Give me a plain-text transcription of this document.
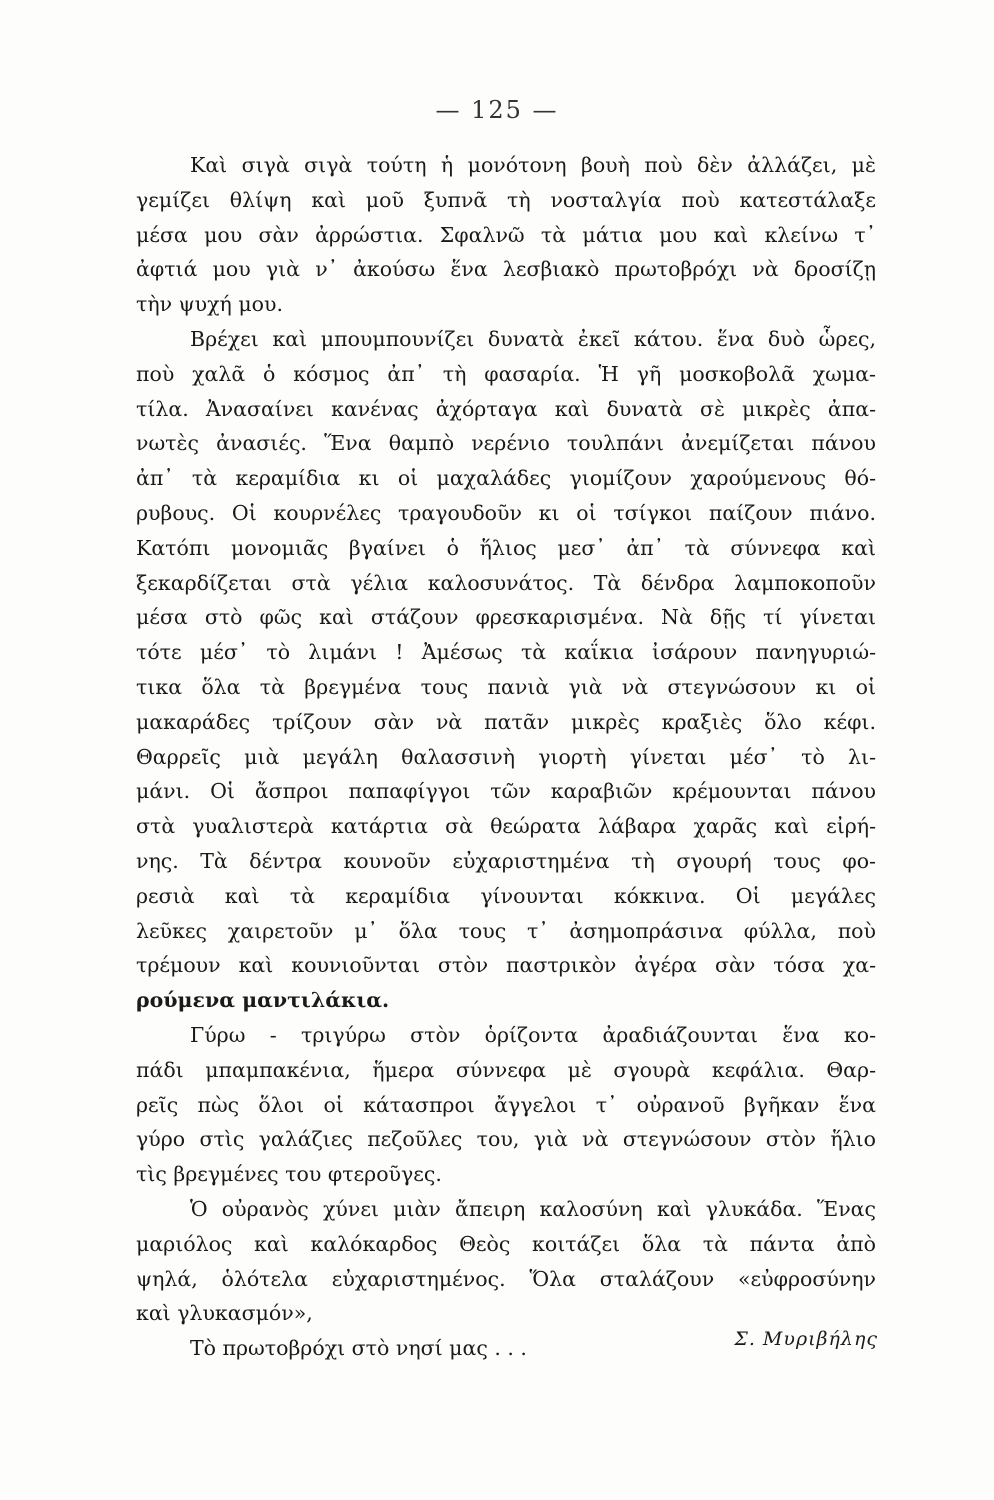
— 125 —
Καὶ σιγὰ σιγὰ τούτη ἡ μονότονη βουὴ ποὺ δὲν ἀλλάζει, μὲ
γεμίζει θλίψη καὶ μοῦ ξυπνᾶ τὴ νοσταλγία ποὺ κατεστάλαξε
μέσα μου σὰν ἀρρώστια. Σφαλνῶ τὰ μάτια μου καὶ κλείνω τ᾽
ἀφτιά μου γιὰ ν᾽ ἀκούσω ἕνα λεσβιακὸ πρωτοβρόχι νὰ δροσίζῃ
τὴν ψυχή μου.
Βρέχει καὶ μπουμπουνίζει δυνατὰ ἐκεῖ κάτου. ἕνα δυὸ ὧρες,
ποὺ χαλᾶ ὁ κόσμος ἀπ᾽ τὴ φασαρία. Ἡ γῆ μοσκοβολᾶ χωμα-
τίλα. Ἀνασαίνει κανένας ἀχόρταγα καὶ δυνατὰ σὲ μικρὲς ἀπα-
νωτὲς ἀνασιές. Ἕνα θαμπὸ νερένιο τουλπάνι ἀνεμίζεται πάνου
ἀπ᾽ τὰ κεραμίδια κι οἱ μαχαλάδες γιομίζουν χαρούμενους θό-
ρυβους. Οἱ κουρνέλες τραγουδοῦν κι οἱ τσίγκοι παίζουν πιάνο.
Κατόπι μονομιᾶς βγαίνει ὁ ἥλιος μεσ᾽ ἀπ᾽ τὰ σύννεφα καὶ
ξεκαρδίζεται στὰ γέλια καλοσυνάτος. Τὰ δένδρα λαμποκοποῦν
μέσα στὸ φῶς καὶ στάζουν φρεσκαρισμένα. Νὰ δῇς τί γίνεται
τότε μέσ᾽ τὸ λιμάνι ! Ἀμέσως τὰ καΐκια ἰσάρουν πανηγυριώ-
τικα ὅλα τὰ βρεγμένα τους πανιὰ γιὰ νὰ στεγνώσουν κι οἱ
μακαράδες τρίζουν σὰν νὰ πατᾶν μικρὲς κραξιὲς ὅλο κέφι.
Θαρρεῖς μιὰ μεγάλη θαλασσινὴ γιορτὴ γίνεται μέσ᾽ τὸ λι-
μάνι. Οἱ ἄσπροι παπαφίγγοι τῶν καραβιῶν κρέμουνται πάνου
στὰ γυαλιστερὰ κατάρτια σὰ θεώρατα λάβαρα χαρᾶς καὶ εἰρή-
νης. Τὰ δέντρα κουνοῦν εὐχαριστημένα τὴ σγουρή τους φο-
ρεσιὰ καὶ τὰ κεραμίδια γίνουνται κόκκινα. Οἱ μεγάλες
λεῦκες χαιρετοῦν μ᾽ ὅλα τους τ᾽ ἀσημοπράσινα φύλλα, ποὺ
τρέμουν καὶ κουνιοῦνται στὸν παστρικὸν ἀγέρα σὰν τόσα χα-
ρούμενα μαντιλάκια.
Γύρω - τριγύρω στὸν ὁρίζοντα ἀραδιάζουνται ἕνα κο-
πάδι μπαμπακένια, ἥμερα σύννεφα μὲ σγουρὰ κεφάλια. Θαρ-
ρεῖς πὼς ὅλοι οἱ κάτασπροι ἄγγελοι τ᾽ οὐρανοῦ βγῆκαν ἕνα
γύρο στὶς γαλάζιες πεζοῦλες του, γιὰ νὰ στεγνώσουν στὸν ἥλιο
τὶς βρεγμένες του φτεροῦγες.
Ὁ οὐρανὸς χύνει μιὰν ἄπειρη καλοσύνη καὶ γλυκάδα. Ἕνας
μαριόλος καὶ καλόκαρδος Θεὸς κοιτάζει ὅλα τὰ πάντα ἀπὸ
ψηλά, ὁλότελα εὐχαριστημένος. Ὅλα σταλάζουν «εὐφροσύνην
καὶ γλυκασμόν»,
Τὸ πρωτοβρόχι στὸ νησί μας . . .	Σ. Μυριβήλης
